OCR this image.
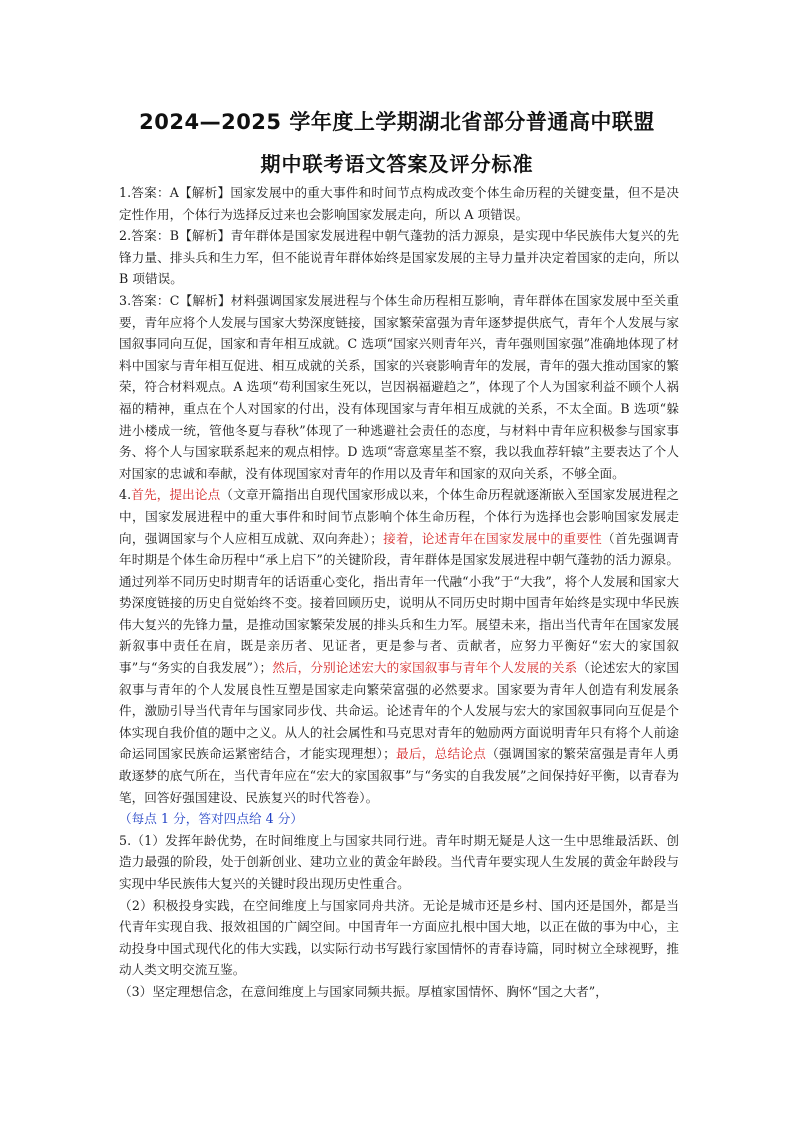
2024—2025 学年度上学期湖北省部分普通高中联盟
期中联考语文答案及评分标准

1.答案：A【解析】国家发展中的重大事件和时间节点构成改变个体生命历程的关键变量，但不是决定性作用，个体行为选择反过来也会影响国家发展走向，所以 A 项错误。

2.答案：B【解析】青年群体是国家发展进程中朝气蓬勃的活力源泉，是实现中华民族伟大复兴的先锋力量、排头兵和生力军，但不能说青年群体始终是国家发展的主导力量并决定着国家的走向，所以 B 项错误。

3.答案：C【解析】材料强调国家发展进程与个体生命历程相互影响，青年群体在国家发展中至关重要，青年应将个人发展与国家大势深度链接，国家繁荣富强为青年逐梦提供底气，青年个人发展与家国叙事同向互促，国家和青年相互成就。C 选项“国家兴则青年兴，青年强则国家强”准确地体现了材料中国家与青年相互促进、相互成就的关系，国家的兴衰影响青年的发展，青年的强大推动国家的繁荣，符合材料观点。A 选项“苟利国家生死以，岂因祸福避趋之”，体现了个人为国家利益不顾个人祸福的精神，重点在个人对国家的付出，没有体现国家与青年相互成就的关系，不太全面。B 选项“躲进小楼成一统，管他冬夏与春秋”体现了一种逃避社会责任的态度，与材料中青年应积极参与国家事务、将个人与国家联系起来的观点相悖。D 选项“寄意寒星荃不察，我以我血荐轩辕”主要表达了个人对国家的忠诚和奉献，没有体现国家对青年的作用以及青年和国家的双向关系，不够全面。

4.首先，提出论点（文章开篇指出自现代国家形成以来，个体生命历程就逐渐嵌入至国家发展进程之中，国家发展进程中的重大事件和时间节点影响个体生命历程，个体行为选择也会影响国家发展走向，强调国家与个人应相互成就、双向奔赴）；接着，论述青年在国家发展中的重要性（首先强调青年时期是个体生命历程中“承上启下”的关键阶段，青年群体是国家发展进程中朝气蓬勃的活力源泉。通过列举不同历史时期青年的话语重心变化，指出青年一代融“小我”于“大我”，将个人发展和国家大势深度链接的历史自觉始终不变。接着回顾历史，说明从不同历史时期中国青年始终是实现中华民族伟大复兴的先锋力量，是推动国家繁荣发展的排头兵和生力军。展望未来，指出当代青年在国家发展新叙事中责任在肩，既是亲历者、见证者，更是参与者、贡献者，应努力平衡好“宏大的家国叙事”与“务实的自我发展”）；然后，分别论述宏大的家国叙事与青年个人发展的关系（论述宏大的家国叙事与青年的个人发展良性互塑是国家走向繁荣富强的必然要求。国家要为青年人创造有利发展条件，激励引导当代青年与国家同步伐、共命运。论述青年的个人发展与宏大的家国叙事同向互促是个体实现自我价值的题中之义。从人的社会属性和马克思对青年的勉励两方面说明青年只有将个人前途命运同国家民族命运紧密结合，才能实现理想）；最后，总结论点（强调国家的繁荣富强是青年人勇敢逐梦的底气所在，当代青年应在“宏大的家国叙事”与“务实的自我发展”之间保持好平衡，以青春为笔，回答好强国建设、民族复兴的时代答卷）。
（每点 1 分，答对四点给 4 分）

5.（1）发挥年龄优势，在时间维度上与国家共同行进。青年时期无疑是人这一生中思维最活跃、创造力最强的阶段，处于创新创业、建功立业的黄金年龄段。当代青年要实现人生发展的黄金年龄段与实现中华民族伟大复兴的关键时段出现历史性重合。

（2）积极投身实践，在空间维度上与国家同舟共济。无论是城市还是乡村、国内还是国外，都是当代青年实现自我、报效祖国的广阔空间。中国青年一方面应扎根中国大地，以正在做的事为中心，主动投身中国式现代化的伟大实践，以实际行动书写践行家国情怀的青春诗篇，同时树立全球视野，推动人类文明交流互鉴。

（3）坚定理想信念，在意间维度上与国家同频共振。厚植家国情怀、胸怀“国之大者”，
